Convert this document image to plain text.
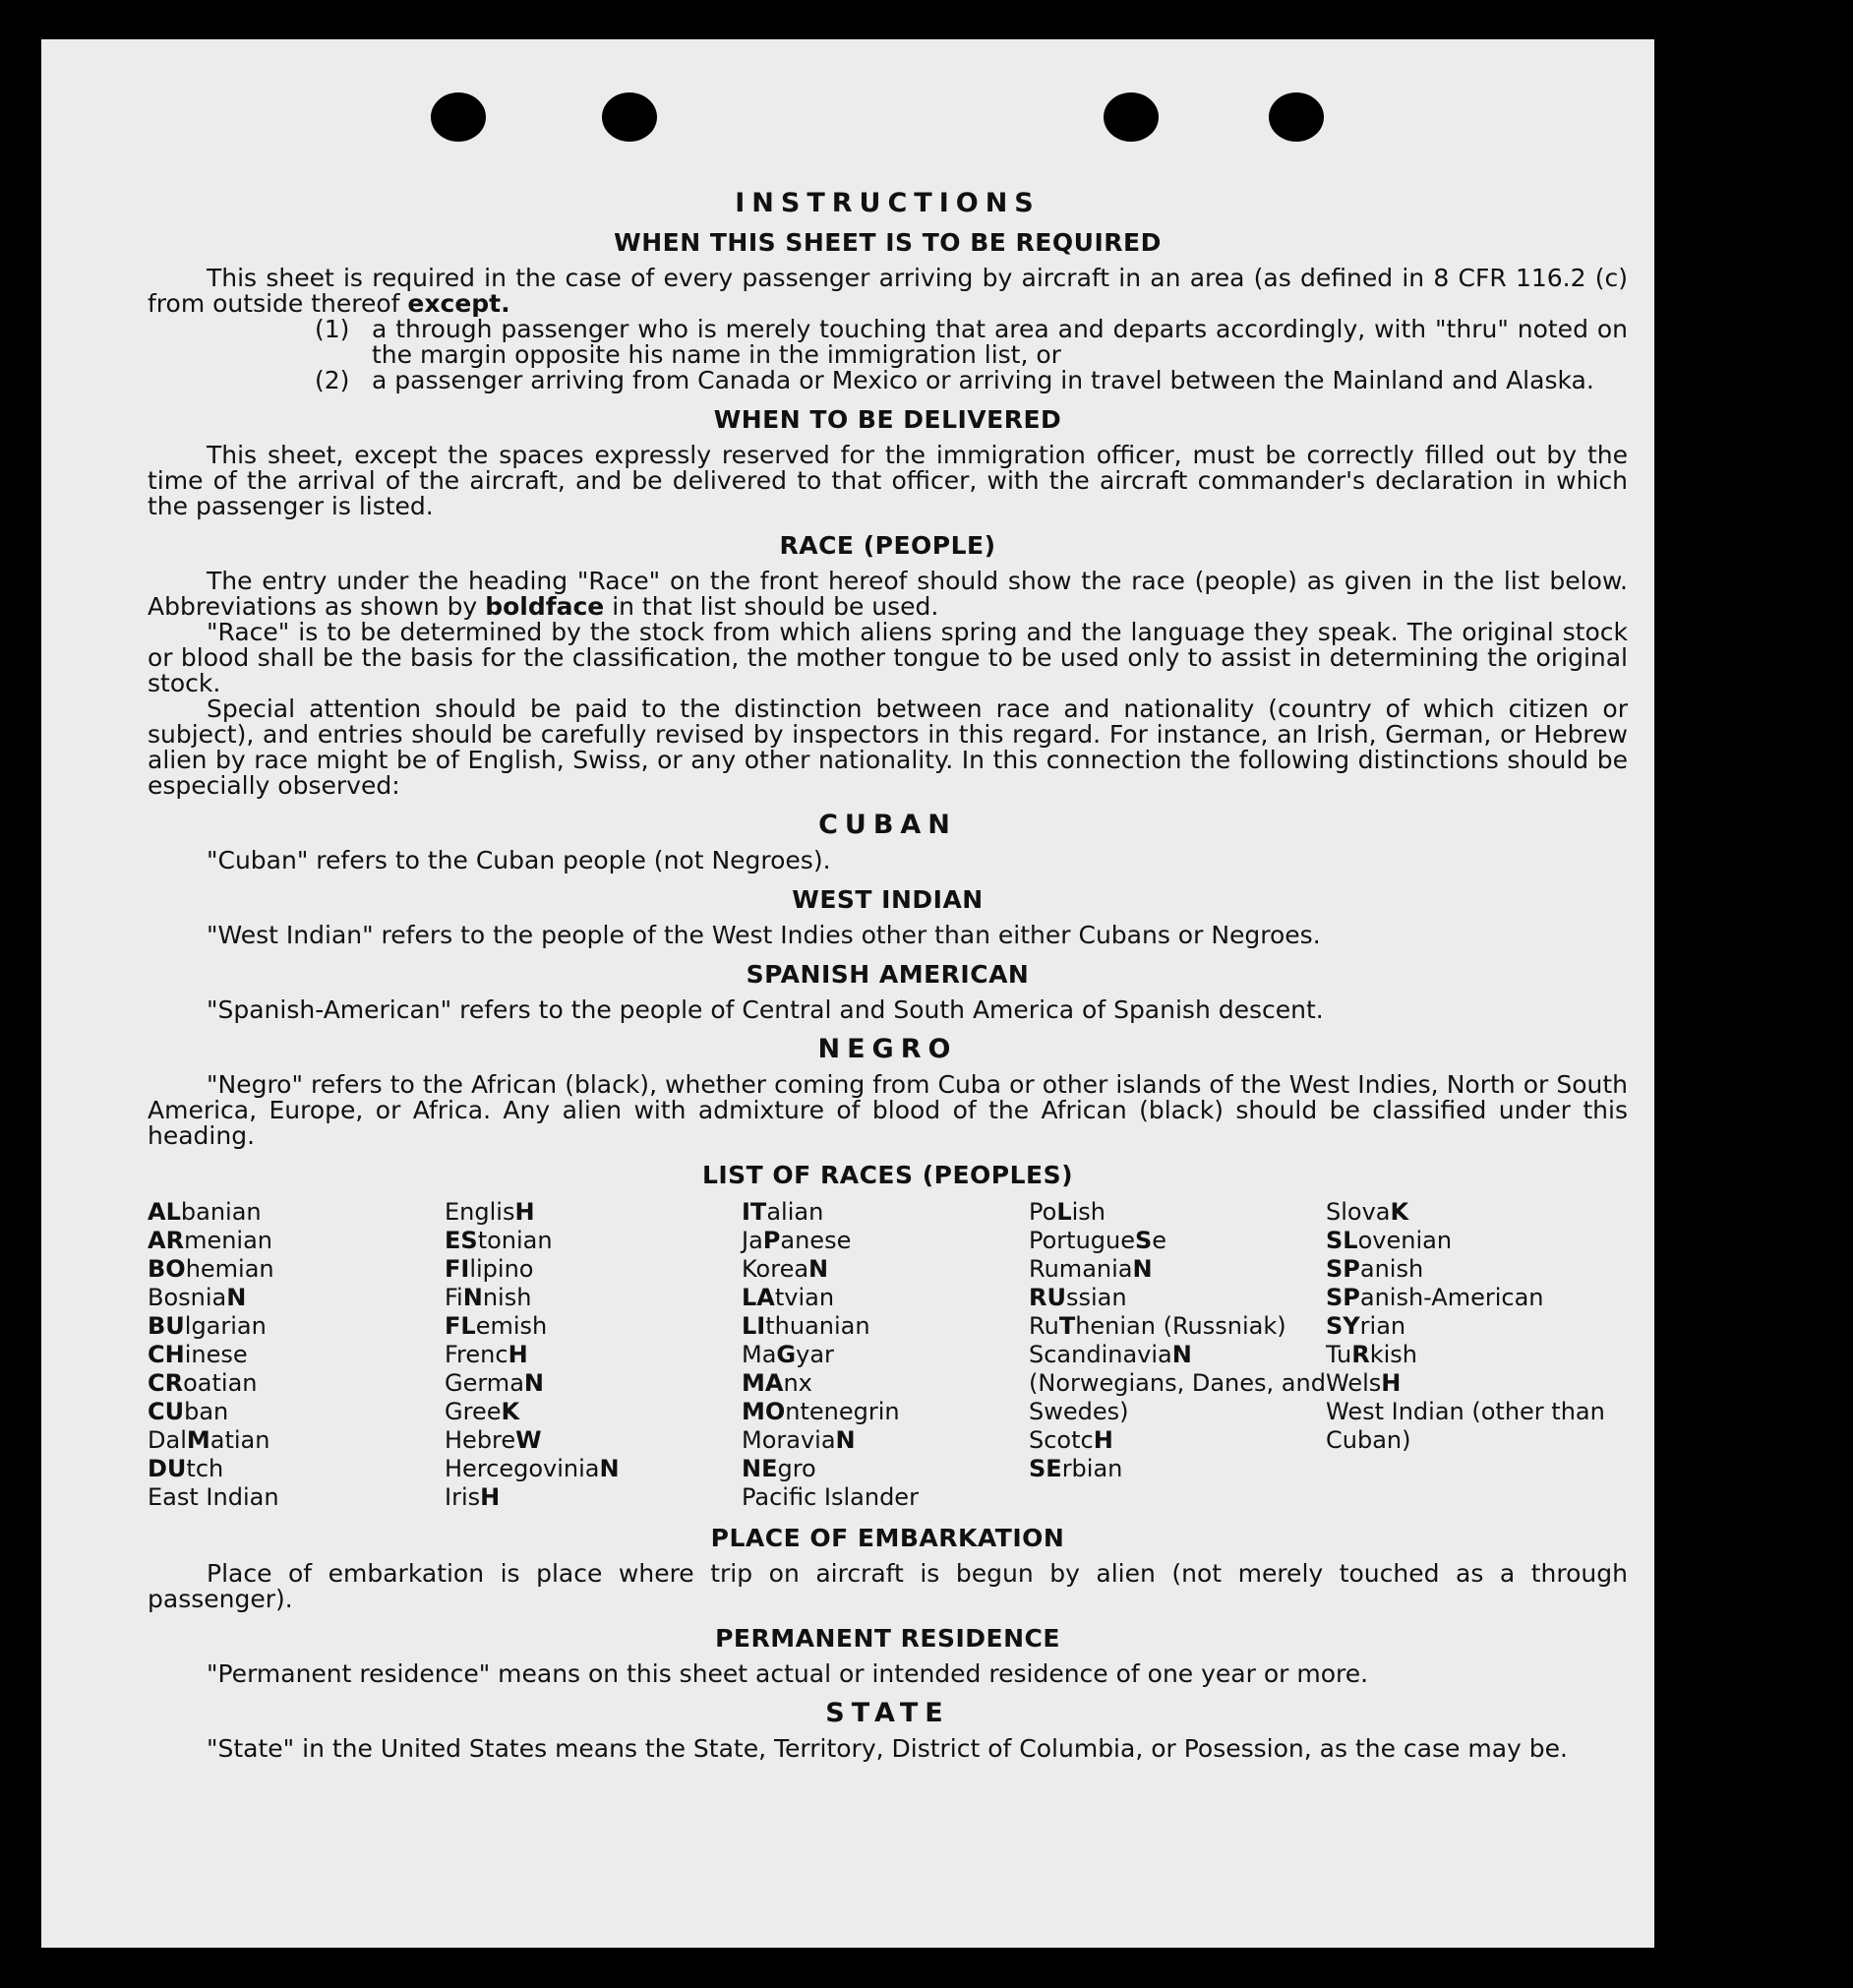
INSTRUCTIONS
WHEN THIS SHEET IS TO BE REQUIRED

This sheet is required in the case of every passenger arriving by aircraft in an area (as defined in 8 CFR 116.2 (c) from outside thereof except.

(1) a through passenger who is merely touching that area and departs accordingly, with "thru" noted on the margin opposite his name in the immigration list, or
(2) a passenger arriving from Canada or Mexico or arriving in travel between the Mainland and Alaska.
WHEN TO BE DELIVERED

This sheet, except the spaces expressly reserved for the immigration officer, must be correctly filled out by the time of the arrival of the aircraft, and be delivered to that officer, with the aircraft commander's declaration in which the passenger is listed.

RACE (PEOPLE)

The entry under the heading "Race" on the front hereof should show the race (people) as given in the list below. Abbreviations as shown by boldface in that list should be used.

"Race" is to be determined by the stock from which aliens spring and the language they speak. The original stock or blood shall be the basis for the classification, the mother tongue to be used only to assist in determining the original stock.

Special attention should be paid to the distinction between race and nationality (country of which citizen or subject), and entries should be carefully revised by inspectors in this regard. For instance, an Irish, German, or Hebrew alien by race might be of English, Swiss, or any other nationality. In this connection the following distinctions should be especially observed:

CUBAN

"Cuban" refers to the Cuban people (not Negroes).

WEST INDIAN

"West Indian" refers to the people of the West Indies other than either Cubans or Negroes.

SPANISH AMERICAN

"Spanish-American" refers to the people of Central and South America of Spanish descent.

NEGRO

"Negro" refers to the African (black), whether coming from Cuba or other islands of the West Indies, North or South America, Europe, or Africa. Any alien with admixture of blood of the African (black) should be classified under this heading.

LIST OF RACES (PEOPLES)
ALbanian
ARmenian
BOhemian
BosniaN
BUlgarian
CHinese
CRoatian
CUban
DalMatian
DUtch
East Indian
EnglisH
EStonian
FIlipino
FiNnish
FLemish
FrencH
GermaN
GreeK
HebreW
HercegoviniaN
IrisH
ITalian
JaPanese
KoreaN
LAtvian
LIthuanian
MaGyar
MAnx
MOntenegrin
MoraviaN
NEgro
Pacific Islander
PoLish
PortugueSe
RumaniaN
RUssian
RuThenian (Russniak)
ScandinaviaN (Norwegians, Danes, and Swedes)
ScotcH
SErbian
SlovaK
SLovenian
SPanish
SPanish-American
SYrian
TuRkish
WelsH
West Indian (other than Cuban)
PLACE OF EMBARKATION

Place of embarkation is place where trip on aircraft is begun by alien (not merely touched as a through passenger).

PERMANENT RESIDENCE

"Permanent residence" means on this sheet actual or intended residence of one year or more.

STATE

"State" in the United States means the State, Territory, District of Columbia, or Posession, as the case may be.
